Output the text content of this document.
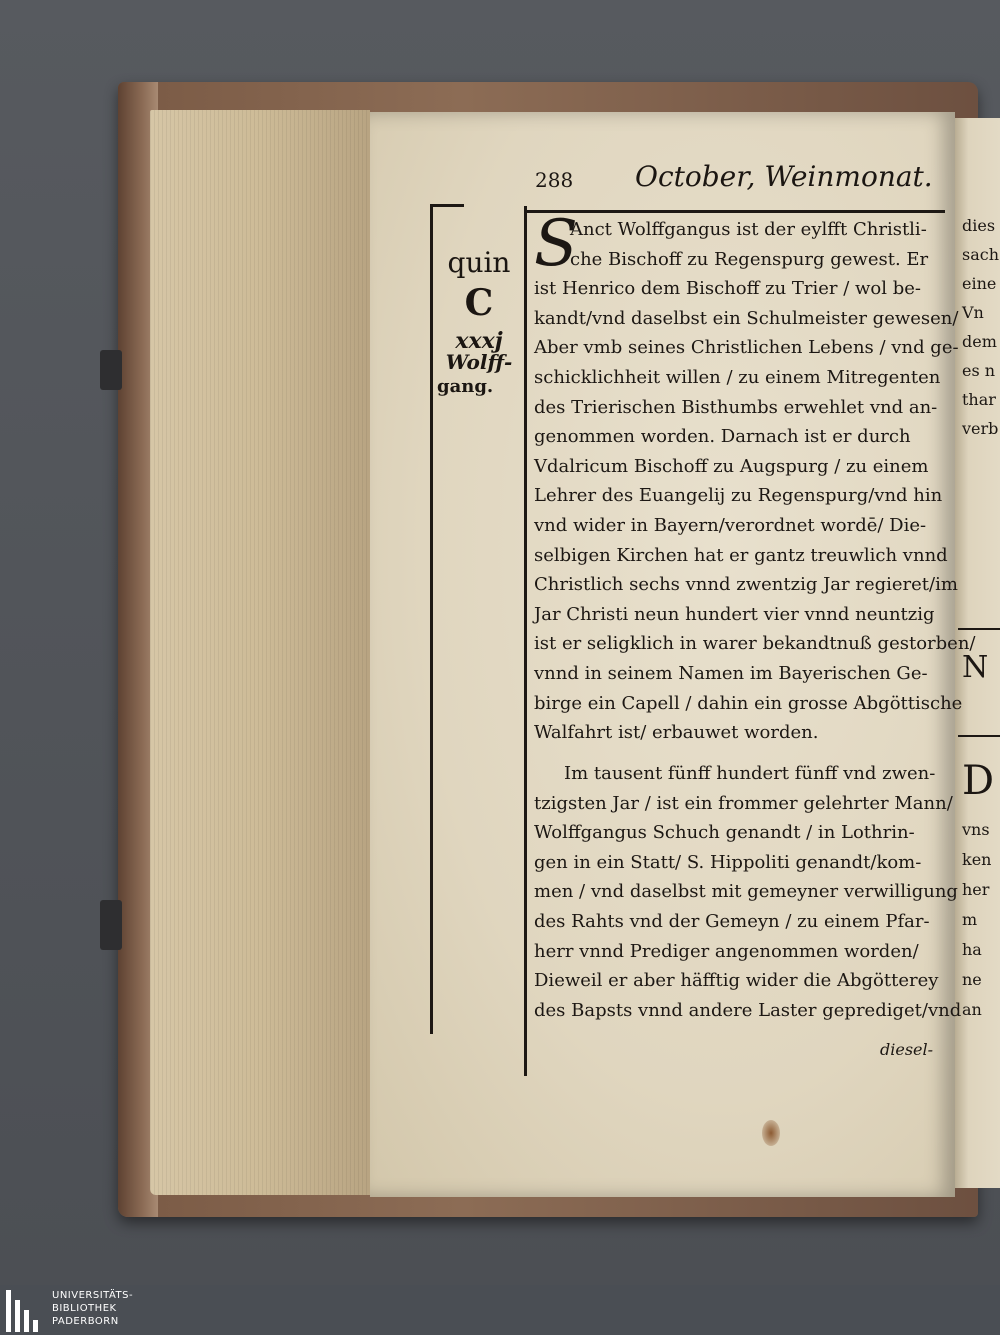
288 October, Weinmonat.
quin
C
xxxj
Wolff-
gang.
S
Anct Wolffgangus ist der eylfft Christli-
che Bischoff zu Regenspurg gewest. Er
ist Henrico dem Bischoff zu Trier / wol be-
kandt/vnd daselbst ein Schulmeister gewesen/
Aber vmb seines Christlichen Lebens / vnd ge-
schicklichheit willen / zu einem Mitregenten
des Trierischen Bisthumbs erwehlet vnd an-
genommen worden. Darnach ist er durch
Vdalricum Bischoff zu Augspurg / zu einem
Lehrer des Euangelij zu Regenspurg/vnd hin
vnd wider in Bayern/verordnet wordē/ Die-
selbigen Kirchen hat er gantz treuwlich vnnd
Christlich sechs vnnd zwentzig Jar regieret/im
Jar Christi neun hundert vier vnnd neuntzig
ist er seligklich in warer bekandtnuß gestorben/
vnnd in seinem Namen im Bayerischen Ge-
birge ein Capell / dahin ein grosse Abgöttische
Walfahrt ist/ erbauwet worden.
Im tausent fünff hundert fünff vnd zwen-
tzigsten Jar / ist ein frommer gelehrter Mann/
Wolffgangus Schuch genandt / in Lothrin-
gen in ein Statt/ S. Hippoliti genandt/kom-
men / vnd daselbst mit gemeyner verwilligung
des Rahts vnd der Gemeyn / zu einem Pfar-
herr vnnd Prediger angenommen worden/
Dieweil er aber häfftig wider die Abgötterey
des Bapsts vnnd andere Laster geprediget/vnd
diesel-
dies
sach
eine
Vn
dem
es n
thar
verb
N
D
vns
ken
her
m
ha
ne
an
UNIVERSITÄTS-
BIBLIOTHEK
PADERBORN
